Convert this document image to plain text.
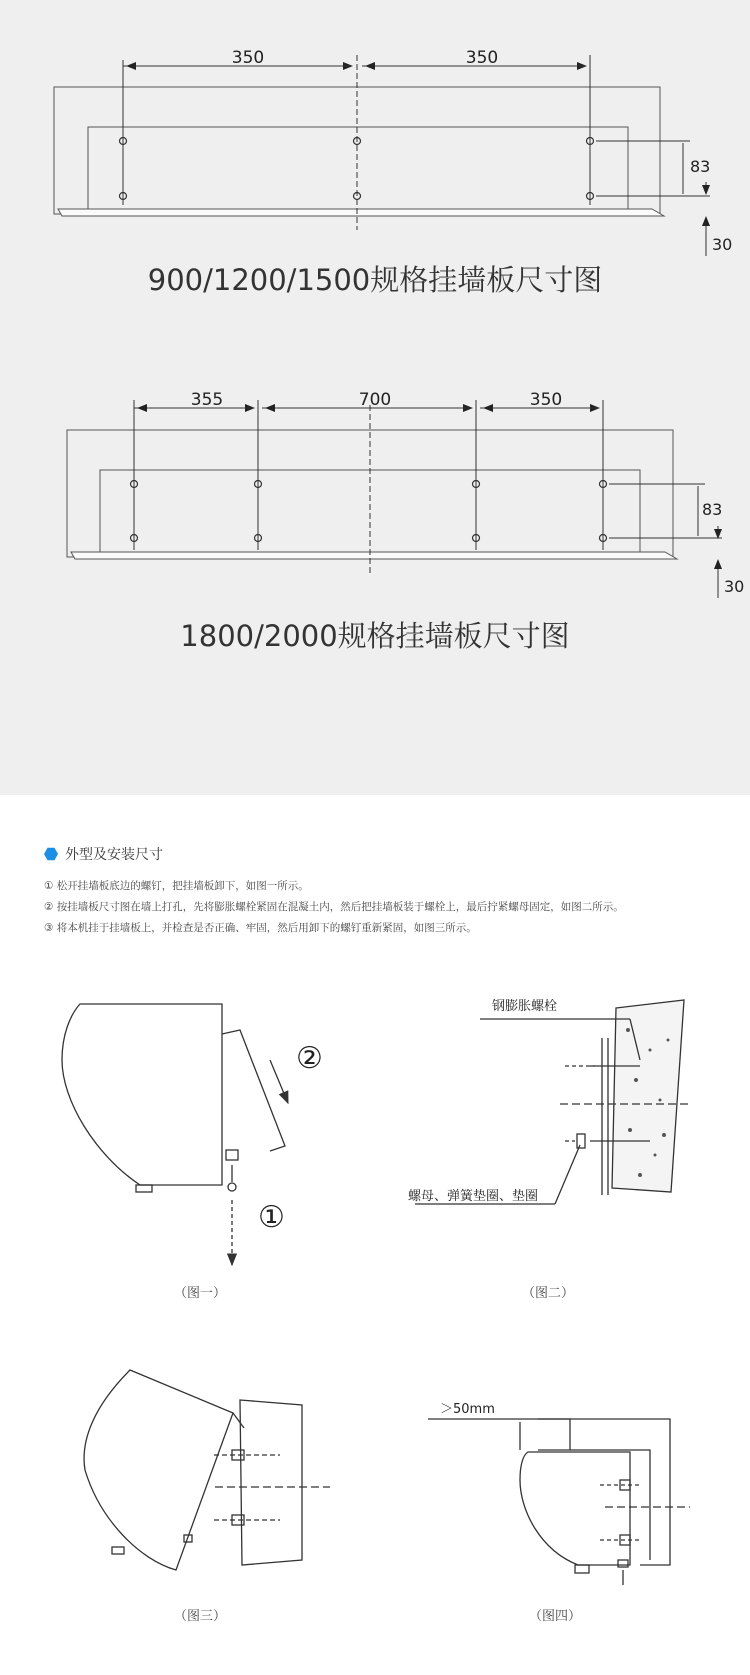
350	350
83
30
355	700	350
83
30
900/1200/1500规格挂墙板尺寸图
1800/2000规格挂墙板尺寸图
外型及安装尺寸
① 松开挂墙板底边的螺钉，把挂墙板卸下，如图一所示。
② 按挂墙板尺寸图在墙上打孔，先将膨胀螺栓紧固在混凝土内，然后把挂墙板装于螺栓上，最后拧紧螺母固定，如图二所示。
③ 将本机挂于挂墙板上，并检查是否正确、牢固，然后用卸下的螺钉重新紧固，如图三所示。
②
①
钢膨胀螺栓
螺母、弹簧垫圈、垫圈
＞50mm
（图一）	（图二）
（图三）	（图四）
